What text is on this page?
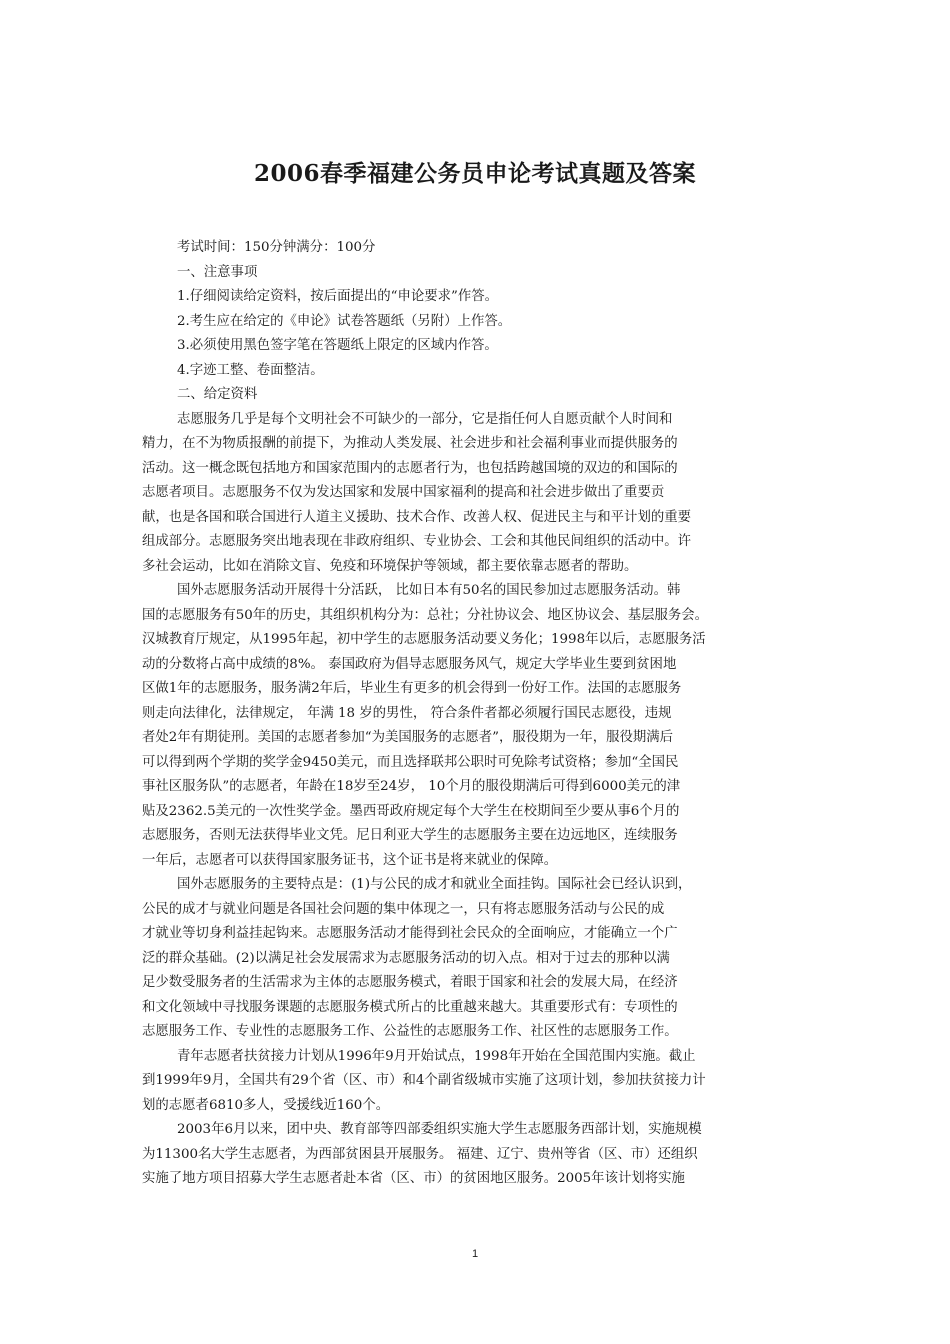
2006春季福建公务员申论考试真题及答案
考试时间：150分钟满分：100分
一、注意事项
1.仔细阅读给定资料，按后面提出的“申论要求”作答。
2.考生应在给定的《申论》试卷答题纸（另附）上作答。
3.必须使用黑色签字笔在答题纸上限定的区域内作答。
4.字迹工整、卷面整洁。
二、给定资料
志愿服务几乎是每个文明社会不可缺少的一部分，它是指任何人自愿贡献个人时间和
精力，在不为物质报酬的前提下，为推动人类发展、社会进步和社会福利事业而提供服务的
活动。这一概念既包括地方和国家范围内的志愿者行为，也包括跨越国境的双边的和国际的
志愿者项目。志愿服务不仅为发达国家和发展中国家福利的提高和社会进步做出了重要贡
献，也是各国和联合国进行人道主义援助、技术合作、改善人权、促进民主与和平计划的重要
组成部分。志愿服务突出地表现在非政府组织、专业协会、工会和其他民间组织的活动中。许
多社会运动，比如在消除文盲、免疫和环境保护等领域，都主要依靠志愿者的帮助。
国外志愿服务活动开展得十分活跃， 比如日本有50名的国民参加过志愿服务活动。韩
国的志愿服务有50年的历史，其组织机构分为：总社；分社协议会、地区协议会、基层服务会。
汉城教育厅规定，从1995年起，初中学生的志愿服务活动要义务化；1998年以后，志愿服务活
动的分数将占高中成绩的8%。 泰国政府为倡导志愿服务风气，规定大学毕业生要到贫困地
区做1年的志愿服务，服务满2年后，毕业生有更多的机会得到一份好工作。法国的志愿服务
则走向法律化，法律规定， 年满 18 岁的男性， 符合条件者都必须履行国民志愿役，违规
者处2年有期徒刑。美国的志愿者参加“为美国服务的志愿者”，服役期为一年，服役期满后
可以得到两个学期的奖学金9450美元，而且选择联邦公职时可免除考试资格；参加“全国民
事社区服务队”的志愿者，年龄在18岁至24岁， 10个月的服役期满后可得到6000美元的津
贴及2362.5美元的一次性奖学金。墨西哥政府规定每个大学生在校期间至少要从事6个月的
志愿服务，否则无法获得毕业文凭。尼日利亚大学生的志愿服务主要在边远地区，连续服务
一年后，志愿者可以获得国家服务证书，这个证书是将来就业的保障。
国外志愿服务的主要特点是：(1)与公民的成才和就业全面挂钩。国际社会已经认识到，
公民的成才与就业问题是各国社会问题的集中体现之一，只有将志愿服务活动与公民的成
才就业等切身利益挂起钩来。志愿服务活动才能得到社会民众的全面响应，才能确立一个广
泛的群众基础。(2)以满足社会发展需求为志愿服务活动的切入点。相对于过去的那种以满
足少数受服务者的生活需求为主体的志愿服务模式，着眼于国家和社会的发展大局，在经济
和文化领域中寻找服务课题的志愿服务模式所占的比重越来越大。其重要形式有：专项性的
志愿服务工作、专业性的志愿服务工作、公益性的志愿服务工作、社区性的志愿服务工作。
青年志愿者扶贫接力计划从1996年9月开始试点，1998年开始在全国范围内实施。截止
到1999年9月，全国共有29个省（区、市）和4个副省级城市实施了这项计划，参加扶贫接力计
划的志愿者6810多人，受援线近160个。
2003年6月以来，团中央、教育部等四部委组织实施大学生志愿服务西部计划，实施规模
为11300名大学生志愿者，为西部贫困县开展服务。 福建、辽宁、贵州等省（区、市）还组织
实施了地方项目招募大学生志愿者赴本省（区、市）的贫困地区服务。2005年该计划将实施
1
